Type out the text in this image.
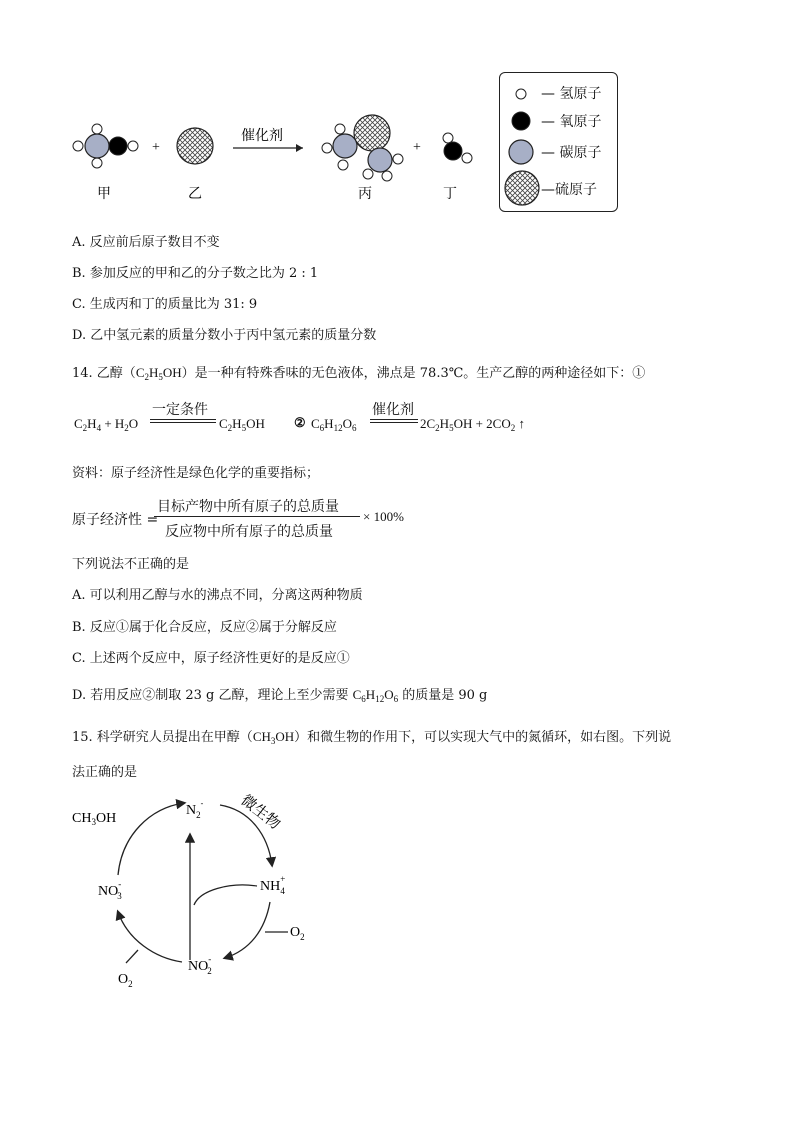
+
催化剂
+
甲	乙	丙	丁
— 氢原子
— 氧原子
— 碳原子
—硫原子
A. 反应前后原子数目不变
B. 参加反应的甲和乙的分子数之比为 2 : 1
C. 生成丙和丁的质量比为 31: 9
D. 乙中氢元素的质量分数小于丙中氢元素的质量分数
14. 乙醇$(C_2H_5OH)$是一种有特殊香味的无色液体，沸点是 78.3℃。生产乙醇的两种途径如下：①
$C_2H_4 + H_2O$
一定条件
$C_2H_5OH$ ② $C_6H_{12}O_6$
催化剂
$2C_2H_5OH + 2CO_2$ ↑
资料：原子经济性是绿色化学的重要指标；
原子经济性 =
目标产物中所有原子的总质量
反应物中所有原子的总质量
× 100%
下列说法不正确的是
A. 可以利用乙醇与水的沸点不同，分离这两种物质
B. 反应①属于化合反应，反应②属于分解反应
C. 上述两个反应中，原子经济性更好的是反应①
D. 若用反应②制取 23 g 乙醇，理论上至少需要 $C_6H_{12}O_6$ 的质量是 90 g
15. 科学研究人员提出在甲醇$(CH_3OH)$和微生物的作用下，可以实现大气中的氮循环，如右图。下列说
法正确的是
$CH_3OH$
$N_2^-$
NH+ 4
NO-3
NO-2
$O_2$
$O_2$
微生物
